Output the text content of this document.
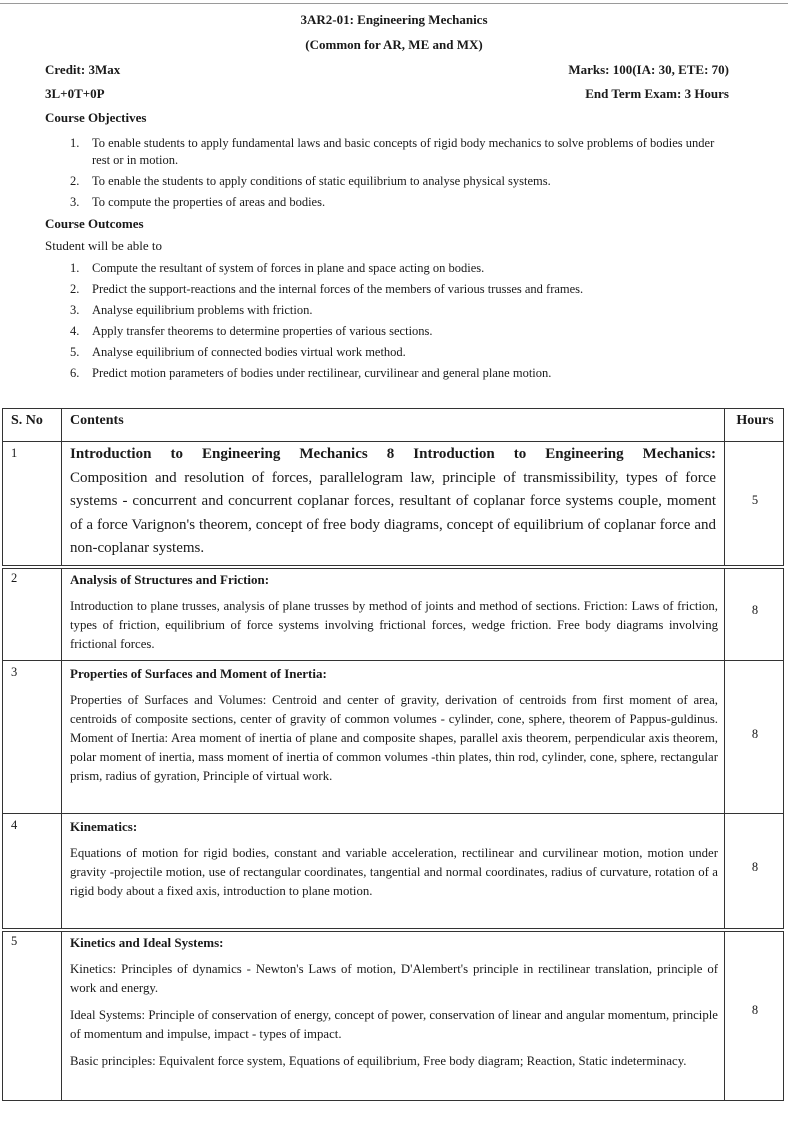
3AR2-01: Engineering Mechanics
(Common for AR, ME and MX)
Credit: 3Max	Marks: 100(IA: 30, ETE: 70)
3L+0T+0P	End Term Exam: 3 Hours
Course Objectives
1. To enable students to apply fundamental laws and basic concepts of rigid body mechanics to solve problems of bodies under rest or in motion.
2. To enable the students to apply conditions of static equilibrium to analyse physical systems.
3. To compute the properties of areas and bodies.
Course Outcomes
Student will be able to
1. Compute the resultant of system of forces in plane and space acting on bodies.
2. Predict the support-reactions and the internal forces of the members of various trusses and frames.
3. Analyse equilibrium problems with friction.
4. Apply transfer theorems to determine properties of various sections.
5. Analyse equilibrium of connected bodies virtual work method.
6. Predict motion parameters of bodies under rectilinear, curvilinear and general plane motion.
S. No Contents	Hours
1	Introduction to Engineering Mechanics 8 Introduction to Engineering Mechanics:
Composition and resolution of forces, parallelogram law, principle of transmissibility, types of force systems - concurrent and concurrent coplanar forces, resultant of coplanar force systems couple, moment of a force Varignon's theorem, concept of free body diagrams, concept of equilibrium of coplanar force and non-coplanar systems.
5
2	Analysis of Structures and Friction:
Introduction to plane trusses, analysis of plane trusses by method of joints and method of sections. Friction: Laws of friction, types of friction, equilibrium of force systems involving frictional forces, wedge friction. Free body diagrams involving frictional forces.
8
3	Properties of Surfaces and Moment of Inertia:
Properties of Surfaces and Volumes: Centroid and center of gravity, derivation of centroids from first moment of area, centroids of composite sections, center of gravity of common volumes - cylinder, cone, sphere, theorem of Pappus-guldinus. Moment of Inertia: Area moment of inertia of plane and composite shapes, parallel axis theorem, perpendicular axis theorem, polar moment of inertia, mass moment of inertia of common volumes -thin plates, thin rod, cylinder, cone, sphere, rectangular prism, radius of gyration, Principle of virtual work.
8
4	Kinematics:
Equations of motion for rigid bodies, constant and variable acceleration, rectilinear and curvilinear motion, motion under gravity -projectile motion, use of rectangular coordinates, tangential and normal coordinates, radius of curvature, rotation of a rigid body about a fixed axis, introduction to plane motion.
8
5	Kinetics and Ideal Systems:
Kinetics: Principles of dynamics - Newton's Laws of motion, D'Alembert's principle in rectilinear translation, principle of work and energy.
Ideal Systems: Principle of conservation of energy, concept of power, conservation of linear and angular momentum, principle of momentum and impulse, impact - types of impact.
Basic principles: Equivalent force system, Equations of equilibrium, Free body diagram; Reaction, Static indeterminacy.
8
